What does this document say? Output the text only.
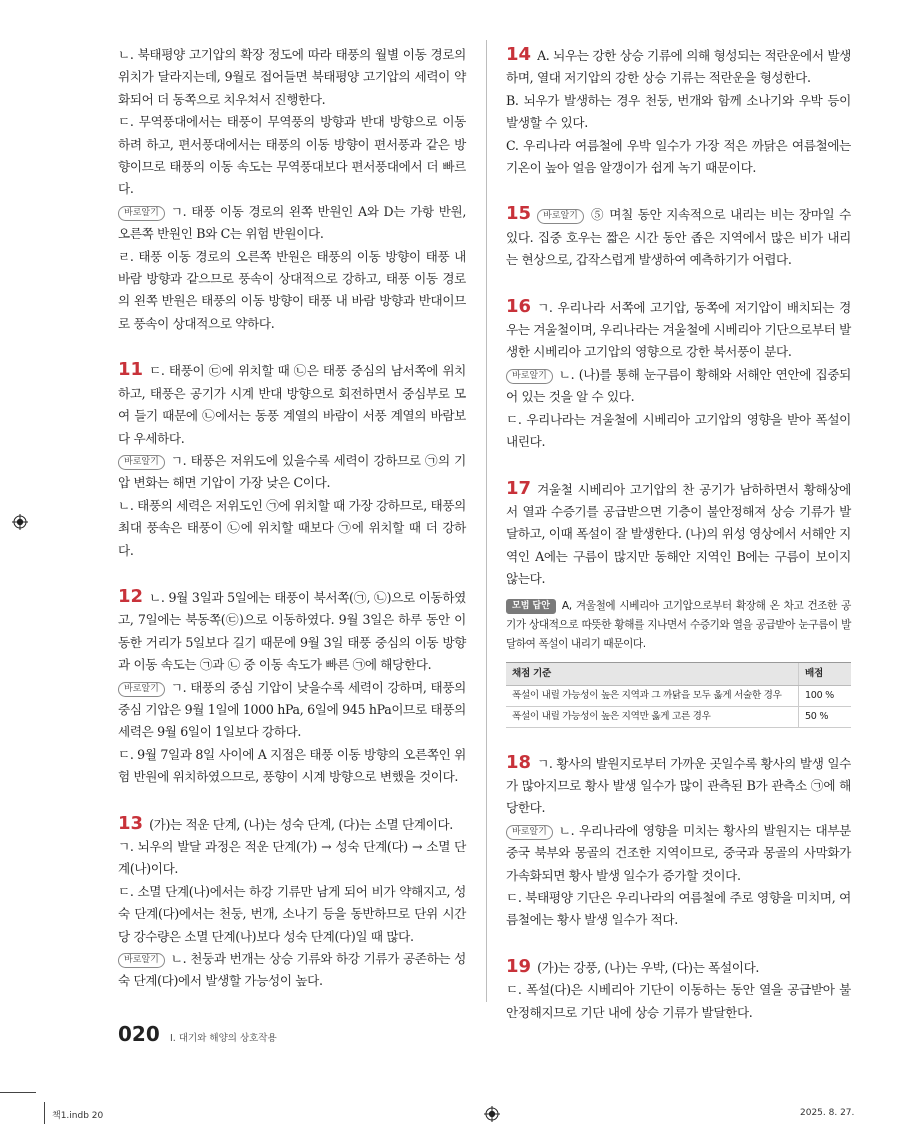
ㄴ. 북태평양 고기압의 확장 정도에 따라 태풍의 월별 이동 경로의 위치가 달라지는데, 9월로 접어들면 북태평양 고기압의 세력이 약화되어 더 동쪽으로 치우쳐서 진행한다.
ㄷ. 무역풍대에서는 태풍이 무역풍의 방향과 반대 방향으로 이동하려 하고, 편서풍대에서는 태풍의 이동 방향이 편서풍과 같은 방향이므로 태풍의 이동 속도는 무역풍대보다 편서풍대에서 더 빠르다.
바로알기 ㄱ. 태풍 이동 경로의 왼쪽 반원인 A와 D는 가항 반원, 오른쪽 반원인 B와 C는 위험 반원이다.
ㄹ. 태풍 이동 경로의 오른쪽 반원은 태풍의 이동 방향이 태풍 내 바람 방향과 같으므로 풍속이 상대적으로 강하고, 태풍 이동 경로의 왼쪽 반원은 태풍의 이동 방향이 태풍 내 바람 방향과 반대이므로 풍속이 상대적으로 약하다.
11 ㄷ. 태풍이 ㉢에 위치할 때 ㉡은 태풍 중심의 남서쪽에 위치하고, 태풍은 공기가 시계 반대 방향으로 회전하면서 중심부로 모여 들기 때문에 ㉡에서는 동풍 계열의 바람이 서풍 계열의 바람보다 우세하다.
바로알기 ㄱ. 태풍은 저위도에 있을수록 세력이 강하므로 ㉠의 기압 변화는 해면 기압이 가장 낮은 C이다.
ㄴ. 태풍의 세력은 저위도인 ㉠에 위치할 때 가장 강하므로, 태풍의 최대 풍속은 태풍이 ㉡에 위치할 때보다 ㉠에 위치할 때 더 강하다.
12 ㄴ. 9월 3일과 5일에는 태풍이 북서쪽(㉠, ㉡)으로 이동하였고, 7일에는 북동쪽(㉢)으로 이동하였다. 9월 3일은 하루 동안 이동한 거리가 5일보다 길기 때문에 9월 3일 태풍 중심의 이동 방향과 이동 속도는 ㉠과 ㉡ 중 이동 속도가 빠른 ㉠에 해당한다.
바로알기 ㄱ. 태풍의 중심 기압이 낮을수록 세력이 강하며, 태풍의 중심 기압은 9월 1일에 1000 hPa, 6일에 945 hPa이므로 태풍의 세력은 9월 6일이 1일보다 강하다.
ㄷ. 9월 7일과 8일 사이에 A 지점은 태풍 이동 방향의 오른쪽인 위험 반원에 위치하였으므로, 풍향이 시계 방향으로 변했을 것이다.
13 (가)는 적운 단계, (나)는 성숙 단계, (다)는 소멸 단계이다.
ㄱ. 뇌우의 발달 과정은 적운 단계(가) → 성숙 단계(다) → 소멸 단계(나)이다.
ㄷ. 소멸 단계(나)에서는 하강 기류만 남게 되어 비가 약해지고, 성숙 단계(다)에서는 천둥, 번개, 소나기 등을 동반하므로 단위 시간당 강수량은 소멸 단계(나)보다 성숙 단계(다)일 때 많다.
바로알기 ㄴ. 천둥과 번개는 상승 기류와 하강 기류가 공존하는 성숙 단계(다)에서 발생할 가능성이 높다.
14 A. 뇌우는 강한 상승 기류에 의해 형성되는 적란운에서 발생하며, 열대 저기압의 강한 상승 기류는 적란운을 형성한다.
B. 뇌우가 발생하는 경우 천둥, 번개와 함께 소나기와 우박 등이 발생할 수 있다.
C. 우리나라 여름철에 우박 일수가 가장 적은 까닭은 여름철에는 기온이 높아 얼음 알갱이가 쉽게 녹기 때문이다.
15 바로알기 ⑤ 며칠 동안 지속적으로 내리는 비는 장마일 수 있다. 집중 호우는 짧은 시간 동안 좁은 지역에서 많은 비가 내리는 현상으로, 갑작스럽게 발생하여 예측하기가 어렵다.
16 ㄱ. 우리나라 서쪽에 고기압, 동쪽에 저기압이 배치되는 경우는 겨울철이며, 우리나라는 겨울철에 시베리아 기단으로부터 발생한 시베리아 고기압의 영향으로 강한 북서풍이 분다.
바로알기 ㄴ. (나)를 통해 눈구름이 황해와 서해안 연안에 집중되어 있는 것을 알 수 있다.
ㄷ. 우리나라는 겨울철에 시베리아 고기압의 영향을 받아 폭설이 내린다.
17 겨울철 시베리아 고기압의 찬 공기가 남하하면서 황해상에서 열과 수증기를 공급받으면 기층이 불안정해져 상승 기류가 발달하고, 이때 폭설이 잘 발생한다. (나)의 위성 영상에서 서해안 지역인 A에는 구름이 많지만 동해안 지역인 B에는 구름이 보이지 않는다.
모범 답안 A, 겨울철에 시베리아 고기압으로부터 확장해 온 차고 건조한 공기가 상대적으로 따뜻한 황해를 지나면서 수증기와 열을 공급받아 눈구름이 발달하여 폭설이 내리기 때문이다.
채점 기준	배점
폭설이 내릴 가능성이 높은 지역과 그 까닭을 모두 옳게 서술한 경우	100 %
폭설이 내릴 가능성이 높은 지역만 옳게 고른 경우	50 %
18 ㄱ. 황사의 발원지로부터 가까운 곳일수록 황사의 발생 일수가 많아지므로 황사 발생 일수가 많이 관측된 B가 관측소 ㉠에 해당한다.
바로알기 ㄴ. 우리나라에 영향을 미치는 황사의 발원지는 대부분 중국 북부와 몽골의 건조한 지역이므로, 중국과 몽골의 사막화가 가속화되면 황사 발생 일수가 증가할 것이다.
ㄷ. 북태평양 기단은 우리나라의 여름철에 주로 영향을 미치며, 여름철에는 황사 발생 일수가 적다.
19 (가)는 강풍, (나)는 우박, (다)는 폭설이다.
ㄷ. 폭설(다)은 시베리아 기단이 이동하는 동안 열을 공급받아 불안정해지므로 기단 내에 상승 기류가 발달한다.
020 I. 대기와 해양의 상호작용
책1.indb 20	2025. 8. 27.
